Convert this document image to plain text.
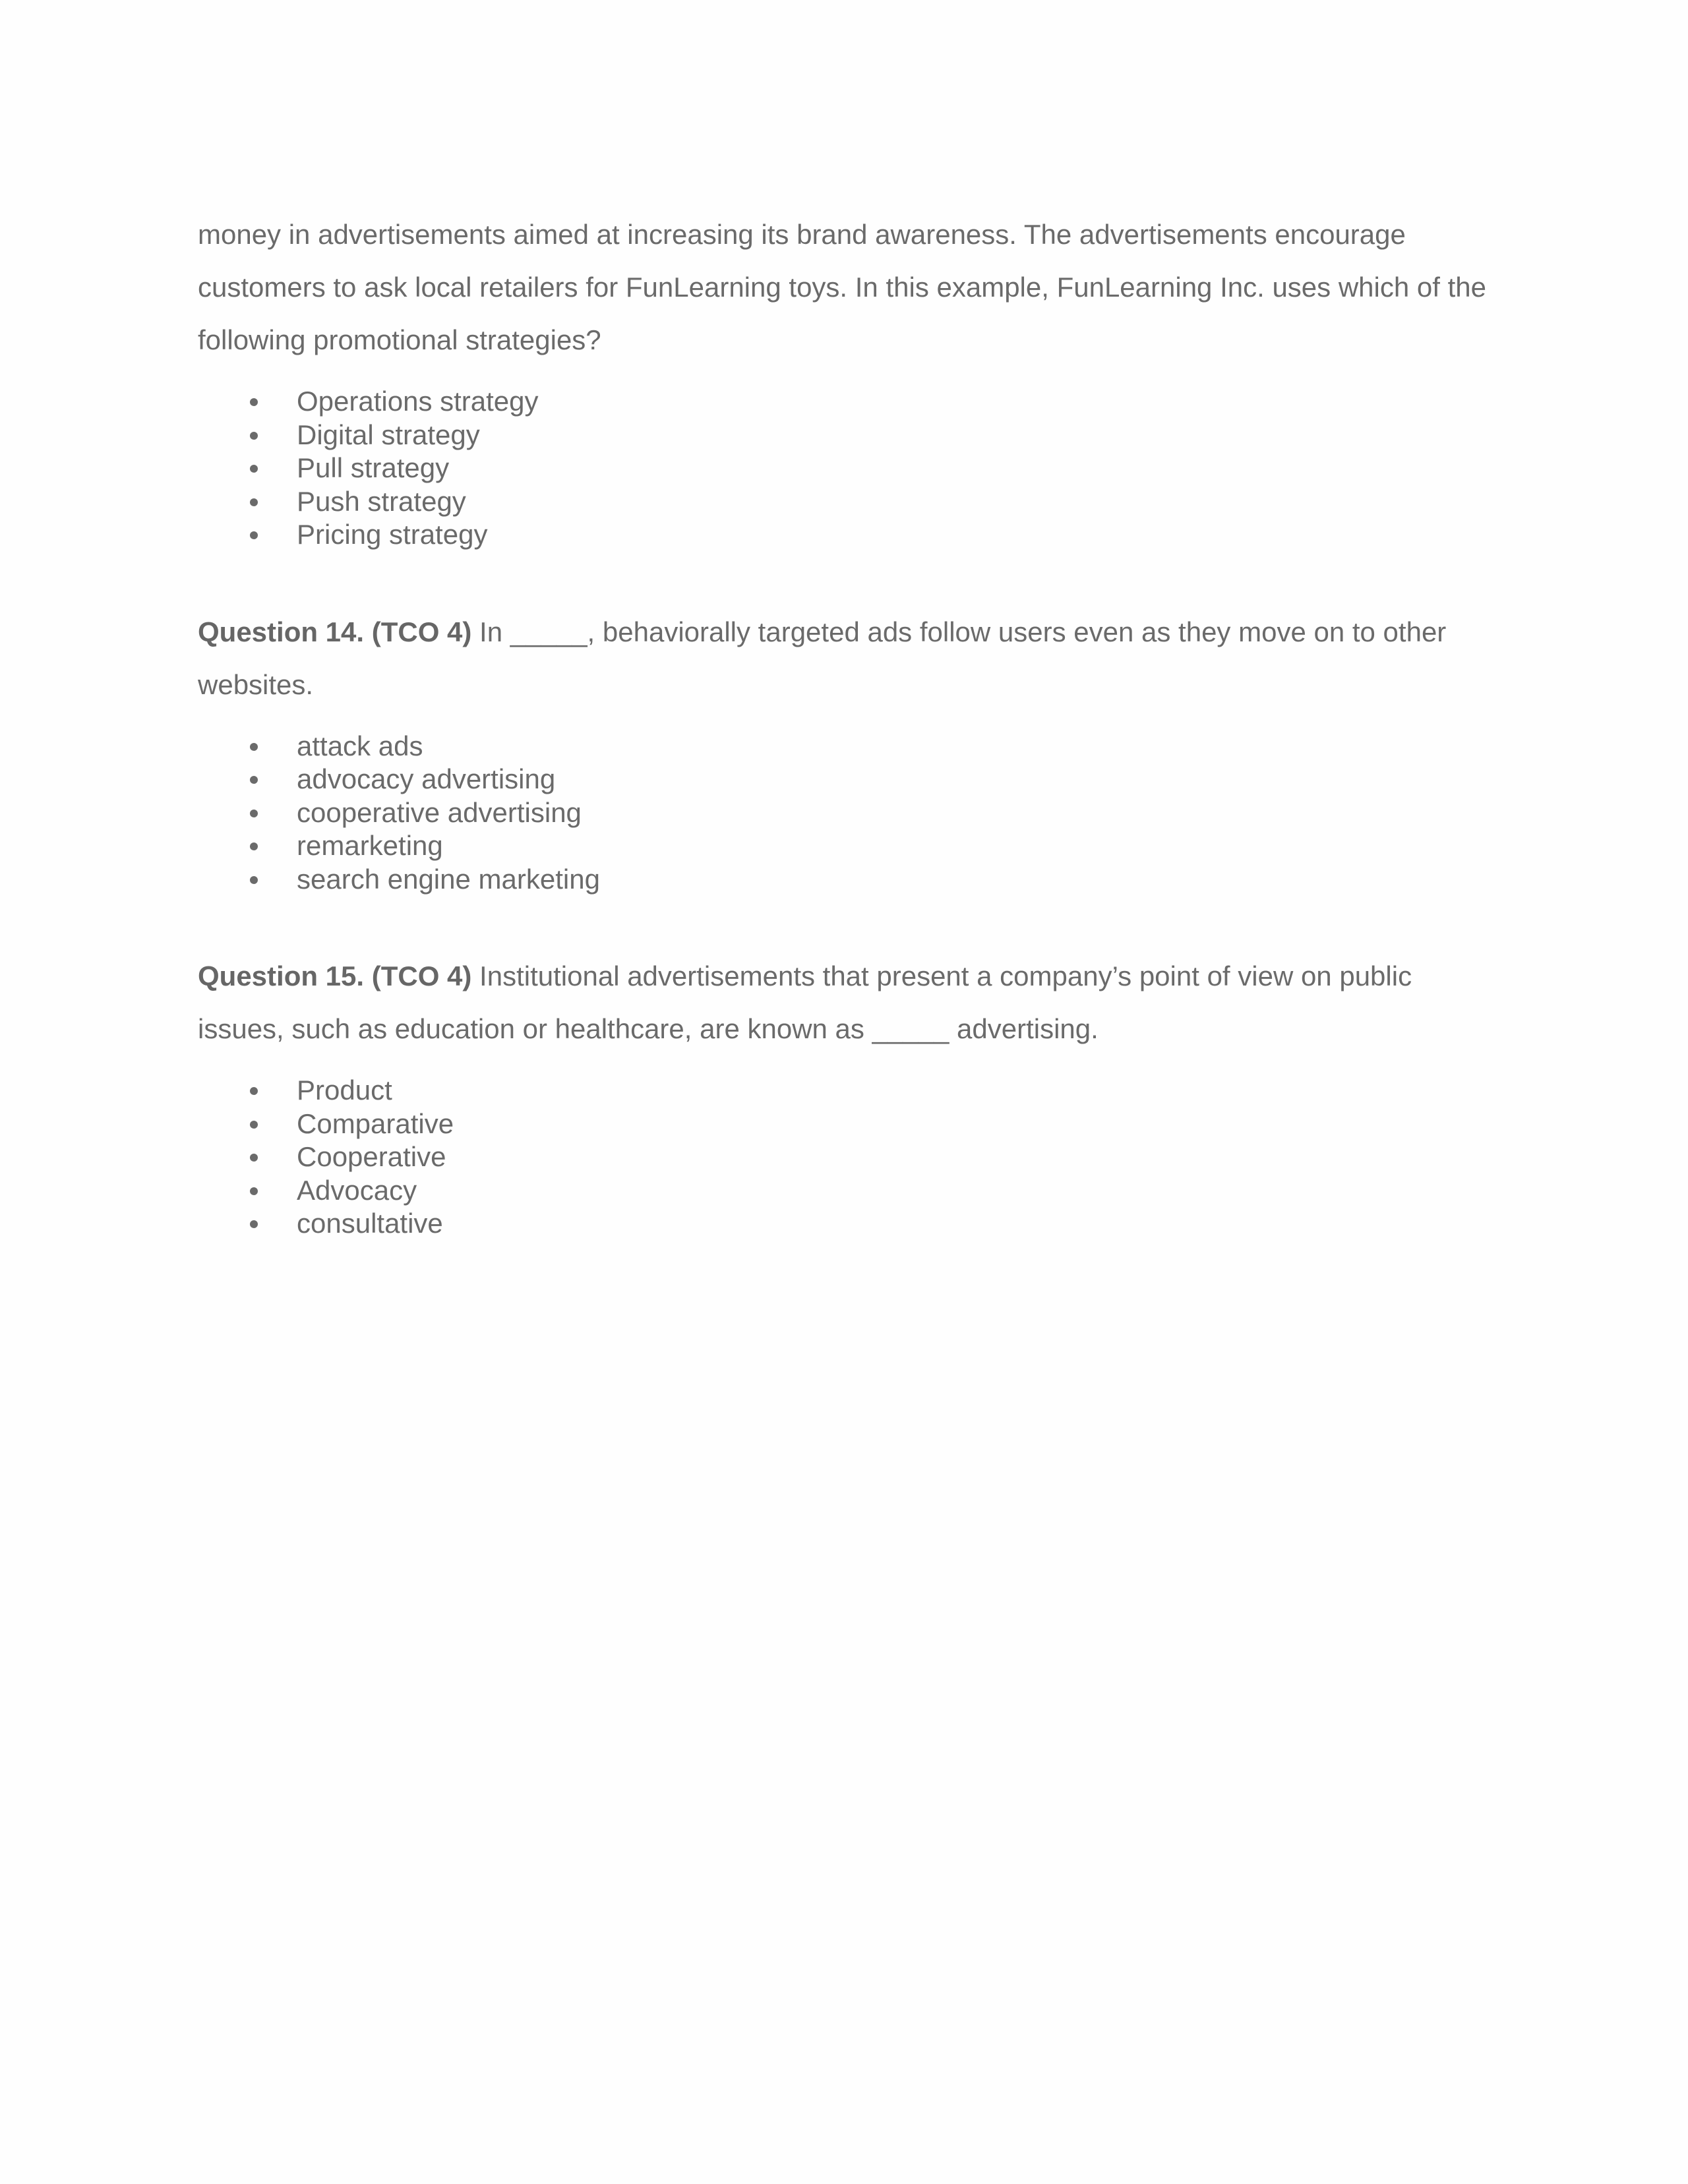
money in advertisements aimed at increasing its brand awareness. The advertisements encourage
customers to ask local retailers for FunLearning toys. In this example, FunLearning Inc. uses which of the
following promotional strategies?

Operations strategy
Digital strategy
Pull strategy
Push strategy
Pricing strategy

Question 14. (TCO 4) In _____, behaviorally targeted ads follow users even as they move on to other
websites.

attack ads
advocacy advertising
cooperative advertising
remarketing
search engine marketing

Question 15. (TCO 4) Institutional advertisements that present a company’s point of view on public
issues, such as education or healthcare, are known as _____ advertising.

Product
Comparative
Cooperative
Advocacy
consultative
